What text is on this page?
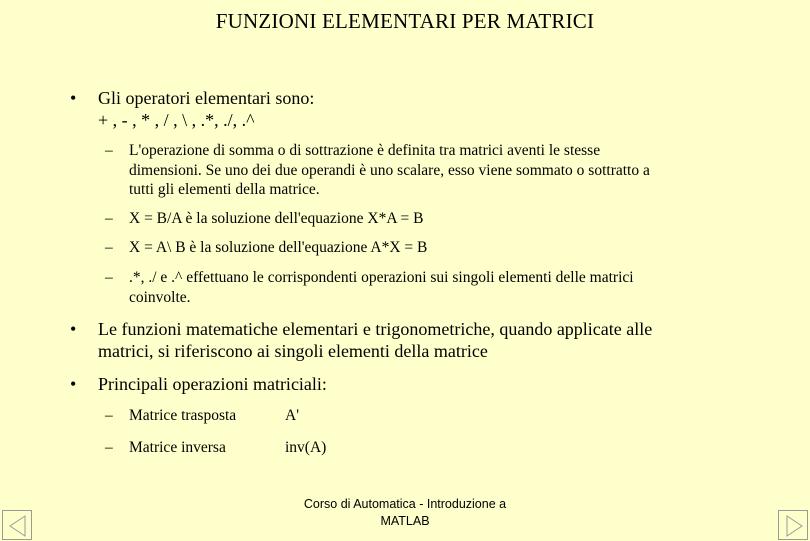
FUNZIONI ELEMENTARI PER MATRICI
• Gli operatori elementari sono:
+ , - , * , / , \ , .*, ./, .^
– L'operazione di somma o di sottrazione è definita tra matrici aventi le stesse
dimensioni. Se uno dei due operandi è uno scalare, esso viene sommato o sottratto a
tutti gli elementi della matrice.
– X = B/A è la soluzione dell'equazione X*A = B
– X = A\ B è la soluzione dell'equazione A*X = B
– .*, ./ e .^ effettuano le corrispondenti operazioni sui singoli elementi delle matrici
coinvolte.
• Le funzioni matematiche elementari e trigonometriche, quando applicate alle
matrici, si riferiscono ai singoli elementi della matrice
• Principali operazioni matriciali:
– Matrice trasposta	A'
– Matrice inversa	inv(A)
Corso di Automatica - Introduzione a
MATLAB
